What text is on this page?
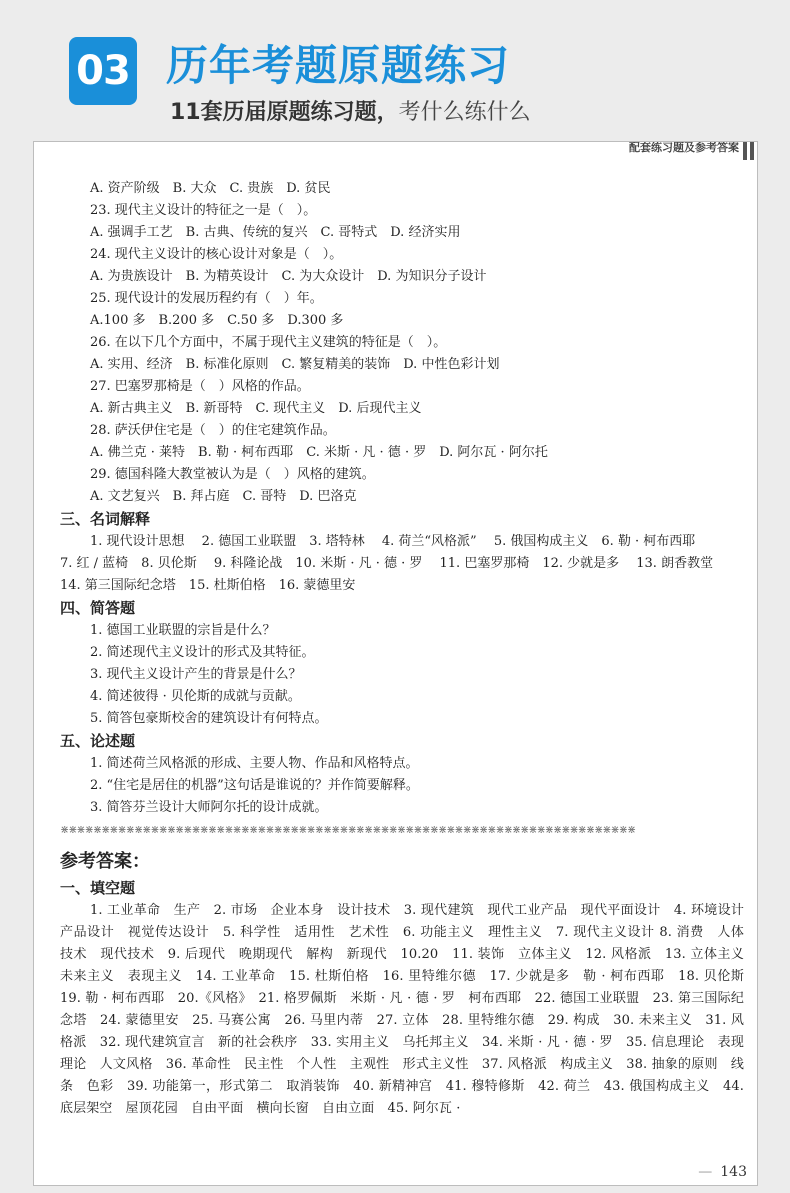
03 历年考题原题练习
11套历届原题练习题，考什么练什么
配套练习题及参考答案
A. 资产阶级　B. 大众　C. 贵族　D. 贫民
23. 现代主义设计的特征之一是（　）。
A. 强调手工艺　B. 古典、传统的复兴　C. 哥特式　D. 经济实用
24. 现代主义设计的核心设计对象是（　）。
A. 为贵族设计　B. 为精英设计　C. 为大众设计　D. 为知识分子设计
25. 现代设计的发展历程约有（　）年。
A.100 多　B.200 多　C.50 多　D.300 多
26. 在以下几个方面中，不属于现代主义建筑的特征是（　）。
A. 实用、经济　B. 标准化原则　C. 繁复精美的装饰　D. 中性色彩计划
27. 巴塞罗那椅是（　）风格的作品。
A. 新古典主义　B. 新哥特　C. 现代主义　D. 后现代主义
28. 萨沃伊住宅是（　）的住宅建筑作品。
A. 佛兰克 · 莱特　B. 勒 · 柯布西耶　C. 米斯 · 凡 · 德 · 罗　D. 阿尔瓦 · 阿尔托
29. 德国科隆大教堂被认为是（　）风格的建筑。
A. 文艺复兴　B. 拜占庭　C. 哥特　D. 巴洛克
三、名词解释
1. 现代设计思想　 2. 德国工业联盟　3. 塔特林　 4. 荷兰“风格派”　 5. 俄国构成主义　6. 勒 · 柯布西耶
7. 红 / 蓝椅　8. 贝伦斯　 9. 科隆论战　10. 米斯 · 凡 · 德 · 罗　 11. 巴塞罗那椅　12. 少就是多　 13. 朗香教堂
14. 第三国际纪念塔　15. 杜斯伯格　16. 蒙德里安
四、简答题
1. 德国工业联盟的宗旨是什么？
2. 简述现代主义设计的形式及其特征。
3. 现代主义设计产生的背景是什么？
4. 简述彼得 · 贝伦斯的成就与贡献。
5. 简答包豪斯校舍的建筑设计有何特点。
五、论述题
1. 简述荷兰风格派的形成、主要人物、作品和风格特点。
2. “住宅是居住的机器”这句话是谁说的？并作简要解释。
3. 简答芬兰设计大师阿尔托的设计成就。
⋇⋇⋇⋇⋇⋇⋇⋇⋇⋇⋇⋇⋇⋇⋇⋇⋇⋇⋇⋇⋇⋇⋇⋇⋇⋇⋇⋇⋇⋇⋇⋇⋇⋇⋇⋇⋇⋇⋇⋇⋇⋇⋇⋇⋇⋇⋇⋇⋇⋇⋇⋇⋇⋇⋇⋇⋇⋇⋇⋇⋇⋇⋇⋇⋇⋇⋇⋇⋇⋇
参考答案：
一、填空题
1. 工业革命　生产　2. 市场　企业本身　设计技术　3. 现代建筑　现代工业产品　现代平面设计　4. 环境设计　产品设计　视觉传达设计　5. 科学性　适用性　艺术性　6. 功能主义　理性主义　7. 现代主义设计 8. 消费　人体　技术　现代技术　9. 后现代　晚期现代　解构　新现代　10.20　11. 装饰　立体主义　12. 风格派　13. 立体主义　未来主义　表现主义　14. 工业革命　15. 杜斯伯格　16. 里特维尔德　17. 少就是多　勒 · 柯布西耶　18. 贝伦斯　19. 勒 · 柯布西耶　20.《风格》　21. 格罗佩斯　米斯 · 凡 · 德 · 罗　柯布西耶　22. 德国工业联盟　23. 第三国际纪念塔　24. 蒙德里安　25. 马赛公寓　26. 马里内蒂　27. 立体　28. 里特维尔德　29. 构成　30. 未来主义　31. 风格派　32. 现代建筑宣言　新的社会秩序　33. 实用主义　乌托邦主义　34. 米斯 · 凡 · 德 · 罗　35. 信息理论　表现理论　人文风格　36. 革命性　民主性　个人性　主观性　形式主义性　37. 风格派　构成主义　38. 抽象的原则　线条　色彩　39. 功能第一，形式第二　取消装饰　40. 新精神宫　41. 穆特修斯　42. 荷兰　43. 俄国构成主义　44. 底层架空　屋顶花园　自由平面　横向长窗　自由立面　45. 阿尔瓦 ·
— 143
